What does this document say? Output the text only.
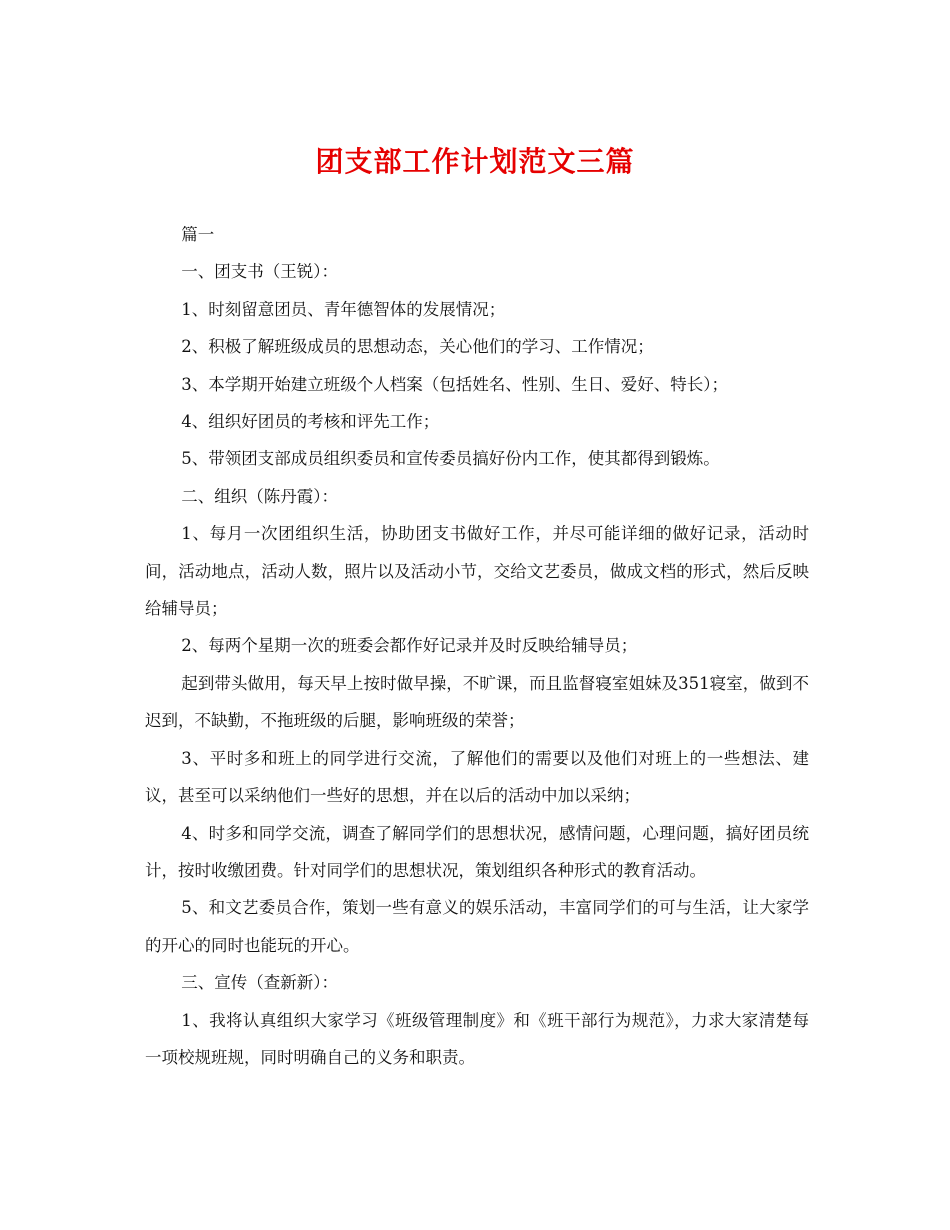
团支部工作计划范文三篇

篇一

一、团支书（王锐）：

1、时刻留意团员、青年德智体的发展情况；

2、积极了解班级成员的思想动态，关心他们的学习、工作情况；

3、本学期开始建立班级个人档案（包括姓名、性别、生日、爱好、特长）；

4、组织好团员的考核和评先工作；

5、带领团支部成员组织委员和宣传委员搞好份内工作，使其都得到锻炼。

二、组织（陈丹霞）：

1、每月一次团组织生活，协助团支书做好工作，并尽可能详细的做好记录，活动时间，活动地点，活动人数，照片以及活动小节，交给文艺委员，做成文档的形式，然后反映给辅导员；

2、每两个星期一次的班委会都作好记录并及时反映给辅导员；

起到带头做用，每天早上按时做早操，不旷课，而且监督寝室姐妹及351寝室，做到不迟到，不缺勤，不拖班级的后腿，影响班级的荣誉；

3、平时多和班上的同学进行交流，了解他们的需要以及他们对班上的一些想法、建议，甚至可以采纳他们一些好的思想，并在以后的活动中加以采纳；

4、时多和同学交流，调查了解同学们的思想状况，感情问题，心理问题，搞好团员统计，按时收缴团费。针对同学们的思想状况，策划组织各种形式的教育活动。

5、和文艺委员合作，策划一些有意义的娱乐活动，丰富同学们的可与生活，让大家学的开心的同时也能玩的开心。

三、宣传（查新新）：

1、我将认真组织大家学习《班级管理制度》和《班干部行为规范》，力求大家清楚每一项校规班规，同时明确自己的义务和职责。
